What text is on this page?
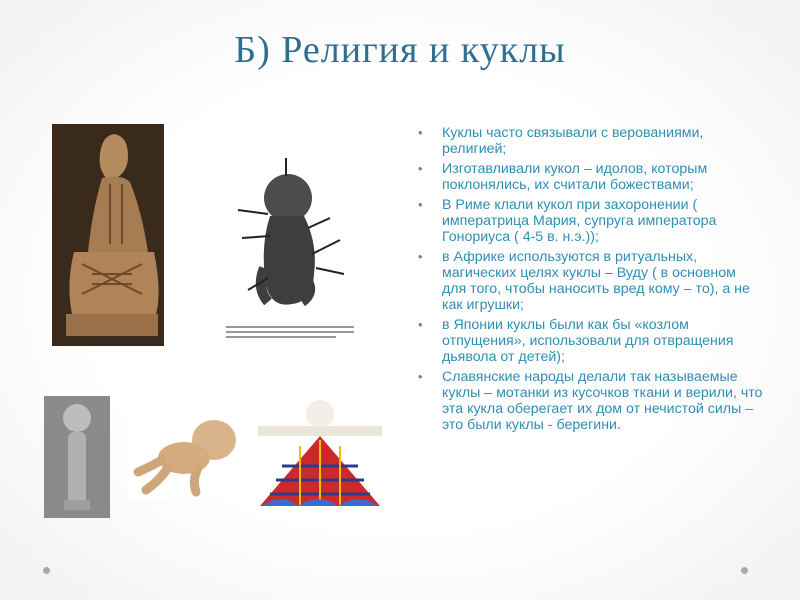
Б) Религия и куклы
• Куклы часто связывали с верованиями, религией;
• Изготавливали кукол – идолов, которым поклонялись, их считали божествами;
• В Риме клали кукол при захоронении ( императрица Мария, супруга императора Гонориуса ( 4-5 в. н.э.));
• в Африке используются в ритуальных, магических целях куклы – Вуду ( в основном для того, чтобы наносить вред кому – то), а не как игрушки;
• в Японии куклы были как бы «козлом отпущения», использовали для отвращения дьявола от детей);
• Славянские народы делали так называемые куклы – мотанки из кусочков ткани и верили, что эта кукла оберегает их дом от нечистой силы – это были куклы - берегини.
